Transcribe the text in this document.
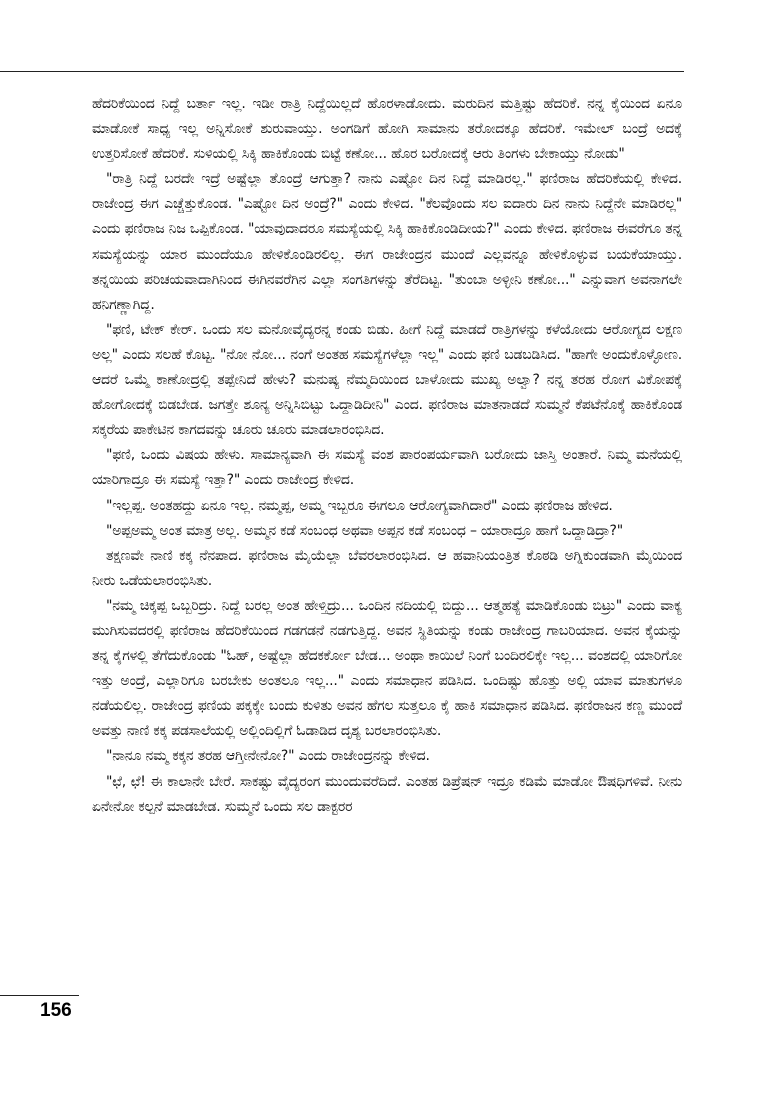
ಹೆದರಿಕೆಯಿಂದ ನಿದ್ದೆ ಬರ್ತಾ ಇಲ್ಲ. ಇಡೀ ರಾತ್ರಿ ನಿದ್ದೆಯಿಲ್ಲದೆ ಹೊರಳಾಡೋದು. ಮರುದಿನ ಮತ್ತಿಷ್ಟು ಹೆದರಿಕೆ. ನನ್ನ ಕೈಯಿಂದ ಏನೂ ಮಾಡೋಕೆ ಸಾಧ್ಯ ಇಲ್ಲ ಅನ್ನಿಸೋಕೆ ಶುರುವಾಯ್ತು. ಅಂಗಡಿಗೆ ಹೋಗಿ ಸಾಮಾನು ತರೋದಕ್ಕೂ ಹೆದರಿಕೆ. ಇಮೇಲ್ ಬಂದ್ರೆ ಅದಕ್ಕೆ ಉತ್ತರಿಸೋಕೆ ಹೆದರಿಕೆ. ಸುಳಿಯಲ್ಲಿ ಸಿಕ್ಕಿ ಹಾಕಿಕೊಂಡು ಬಿಟ್ಟೆ ಕಣೋ... ಹೊರ ಬರೋದಕ್ಕೆ ಆರು ತಿಂಗಳು ಬೇಕಾಯ್ತು ನೋಡು"

"ರಾತ್ರಿ ನಿದ್ದೆ ಬರದೇ ಇದ್ರೆ ಅಷ್ಟೆಲ್ಲಾ ತೊಂದ್ರೆ ಆಗುತ್ತಾ? ನಾನು ಎಷ್ಟೋ ದಿನ ನಿದ್ದೆ ಮಾಡಿರಲ್ಲ." ಫಣಿರಾಜ ಹೆದರಿಕೆಯಲ್ಲಿ ಕೇಳಿದ. ರಾಜೇಂದ್ರ ಈಗ ಎಚ್ಚೆತ್ತುಕೊಂಡ. "ಎಷ್ಟೋ ದಿನ ಅಂದ್ರೆ?" ಎಂದು ಕೇಳಿದ. "ಕೆಲವೊಂದು ಸಲ ಐದಾರು ದಿನ ನಾನು ನಿದ್ದೆನೇ ಮಾಡಿರಲ್ಲ" ಎಂದು ಫಣಿರಾಜ ನಿಜ ಒಪ್ಪಿಕೊಂಡ. "ಯಾವುದಾದರೂ ಸಮಸ್ಯೆಯಲ್ಲಿ ಸಿಕ್ಕಿ ಹಾಕಿಕೊಂಡಿದೀಯ?" ಎಂದು ಕೇಳಿದ. ಫಣಿರಾಜ ಈವರೆಗೂ ತನ್ನ ಸಮಸ್ಯೆಯನ್ನು ಯಾರ ಮುಂದೆಯೂ ಹೇಳಿಕೊಂಡಿರಲಿಲ್ಲ. ಈಗ ರಾಜೇಂದ್ರನ ಮುಂದೆ ಎಲ್ಲವನ್ನೂ ಹೇಳಿಕೊಳ್ಳುವ ಬಯಕೆಯಾಯ್ತು. ತನ್ನಯಿಯ ಪರಿಚಯವಾದಾಗಿನಿಂದ ಈಗಿನವರೆಗಿನ ಎಲ್ಲಾ ಸಂಗತಿಗಳನ್ನು ತೆರೆದಿಟ್ಟ. "ತುಂಬಾ ಅಳ್ಳೀನಿ ಕಣೋ..." ಎನ್ನುವಾಗ ಅವನಾಗಲೇ ಹನಿಗಣ್ಣಾಗಿದ್ದ.

"ಫಣಿ, ಟೇಕ್ ಕೇರ್. ಒಂದು ಸಲ ಮನೋವೈದ್ಯರನ್ನ ಕಂಡು ಬಿಡು. ಹೀಗೆ ನಿದ್ದೆ ಮಾಡದೆ ರಾತ್ರಿಗಳನ್ನು ಕಳೆಯೋದು ಆರೋಗ್ಯದ ಲಕ್ಷಣ ಅಲ್ಲ" ಎಂದು ಸಲಹೆ ಕೊಟ್ಟ. "ನೋ ನೋ... ನಂಗೆ ಅಂತಹ ಸಮಸ್ಯೆಗಳೆಲ್ಲಾ ಇಲ್ಲ" ಎಂದು ಫಣಿ ಬಡಬಡಿಸಿದ. "ಹಾಗೇ ಅಂದುಕೊಳ್ಳೋಣ. ಆದರೆ ಒಮ್ಮೆ ಕಾಣೋದ್ರಲ್ಲಿ ತಪ್ಪೇನಿದೆ ಹೇಳು? ಮನುಷ್ಯ ನೆಮ್ಮದಿಯಿಂದ ಬಾಳೋದು ಮುಖ್ಯ ಅಲ್ವಾ? ನನ್ನ ತರಹ ರೋಗ ವಿಕೋಪಕ್ಕೆ ಹೋಗೋದಕ್ಕೆ ಬಿಡಬೇಡ. ಜಗತ್ತೇ ಶೂನ್ಯ ಅನ್ನಿಸಿಬಿಟ್ಟು ಒದ್ದಾಡಿದೀನಿ" ಎಂದ. ಫಣಿರಾಜ ಮಾತನಾಡದೆ ಸುಮ್ಮನೆ ಕೆಪಟೆನೊಕ್ಕೆ ಹಾಕಿಕೊಂಡ ಸಕ್ಕರೆಯ ಪಾಕೇಟಿನ ಕಾಗದವನ್ನು ಚೂರು ಚೂರು ಮಾಡಲಾರಂಭಿಸಿದ.

"ಫಣಿ, ಒಂದು ವಿಷಯ ಹೇಳು. ಸಾಮಾನ್ಯವಾಗಿ ಈ ಸಮಸ್ಯೆ ವಂಶ ಪಾರಂಪರ್ಯವಾಗಿ ಬರೋದು ಜಾಸ್ತಿ ಅಂತಾರೆ. ನಿಮ್ಮ ಮನೆಯಲ್ಲಿ ಯಾರಿಗಾದ್ರೂ ಈ ಸಮಸ್ಯೆ ಇತ್ತಾ?" ಎಂದು ರಾಜೇಂದ್ರ ಕೇಳಿದ.

"ಇಲ್ಲಪ್ಪ. ಅಂತಹದ್ದು ಏನೂ ಇಲ್ಲ. ನಮ್ಮಪ್ಪ, ಅಮ್ಮ ಇಬ್ಬರೂ ಈಗಲೂ ಆರೋಗ್ಯವಾಗಿದಾರೆ" ಎಂದು ಫಣಿರಾಜ ಹೇಳಿದ.

"ಅಪ್ಪಅಮ್ಮ ಅಂತ ಮಾತ್ರ ಅಲ್ಲ. ಅಮ್ಮನ ಕಡೆ ಸಂಬಂಧ ಅಥವಾ ಅಪ್ಪನ ಕಡೆ ಸಂಬಂಧ – ಯಾರಾದ್ರೂ ಹಾಗೆ ಒದ್ದಾಡಿದ್ರಾ?"

ತಕ್ಷಣವೇ ನಾಣಿ ಕಕ್ಕ ನೆನಪಾದ. ಫಣಿರಾಜ ಮೈಯೆಲ್ಲಾ ಬೆವರಲಾರಂಭಿಸಿದ. ಆ ಹವಾನಿಯಂತ್ರಿತ ಕೊಠಡಿ ಅಗ್ನಿಕುಂಡವಾಗಿ ಮೈಯಿಂದ ನೀರು ಒಡೆಯಲಾರಂಭಿಸಿತು.

"ನಮ್ಮ ಚಿಕ್ಕಪ್ಪ ಒಬ್ಬರಿದ್ರು. ನಿದ್ದೆ ಬರಲ್ಲ ಅಂತ ಹೇಳ್ತಿದ್ರು... ಒಂದಿನ ನದಿಯಲ್ಲಿ ಬಿದ್ದು... ಆತ್ಮಹತ್ಯೆ ಮಾಡಿಕೊಂಡು ಬಿಟ್ರು" ಎಂದು ವಾಕ್ಯ ಮುಗಿಸುವದರಲ್ಲಿ ಫಣಿರಾಜ ಹೆದರಿಕೆಯಿಂದ ಗಡಗಡನೆ ನಡಗುತ್ತಿದ್ದ. ಅವನ ಸ್ಥಿತಿಯನ್ನು ಕಂಡು ರಾಜೇಂದ್ರ ಗಾಬರಿಯಾದ. ಅವನ ಕೈಯನ್ನು ತನ್ನ ಕೈಗಳಲ್ಲಿ ತೆಗೆದುಕೊಂಡು "ಓಹ್, ಅಷ್ಟೆಲ್ಲಾ ಹೆದಕರ್ಕೋ ಬೇಡ... ಅಂಥಾ ಕಾಯಿಲೆ ನಿಂಗೆ ಬಂದಿರಲಿಕ್ಕೇ ಇಲ್ಲ... ವಂಶದಲ್ಲಿ ಯಾರಿಗೋ ಇತ್ತು ಅಂದ್ರೆ, ಎಲ್ಲಾರಿಗೂ ಬರಬೇಕು ಅಂತಲೂ ಇಲ್ಲ..." ಎಂದು ಸಮಾಧಾನ ಪಡಿಸಿದ. ಒಂದಿಷ್ಟು ಹೊತ್ತು ಅಲ್ಲಿ ಯಾವ ಮಾತುಗಳೂ ನಡೆಯಲಿಲ್ಲ. ರಾಜೇಂದ್ರ ಫಣಿಯ ಪಕ್ಕಕ್ಕೇ ಬಂದು ಕುಳಿತು ಅವನ ಹೆಗಲ ಸುತ್ತಲೂ ಕೈ ಹಾಕಿ ಸಮಾಧಾನ ಪಡಿಸಿದ. ಫಣಿರಾಜನ ಕಣ್ಣ ಮುಂದೆ ಅವತ್ತು ನಾಣಿ ಕಕ್ಕ ಪಡಸಾಲೆಯಲ್ಲಿ ಅಲ್ಲಿಂದಿಲ್ಲಿಗೆ ಓಡಾಡಿದ ದೃಶ್ಯ ಬರಲಾರಂಭಿಸಿತು.

"ನಾನೂ ನಮ್ಮ ಕಕ್ಕನ ತರಹ ಆಗ್ತೀನೇನೋ?" ಎಂದು ರಾಜೇಂದ್ರನನ್ನು ಕೇಳಿದ.

"ಛೆ, ಛೆ! ಈ ಕಾಲಾನೇ ಬೇರೆ. ಸಾಕಷ್ಟು ವೈದ್ಯರಂಗ ಮುಂದುವರೆದಿದೆ. ಎಂತಹ ಡಿಪ್ರೆಷನ್ ಇದ್ರೂ ಕಡಿಮೆ ಮಾಡೋ ಔಷಧಿಗಳಿವೆ. ನೀನು ಏನೇನೋ ಕಲ್ಪನೆ ಮಾಡಬೇಡ. ಸುಮ್ಮನೆ ಒಂದು ಸಲ ಡಾಕ್ಟರರ

156
